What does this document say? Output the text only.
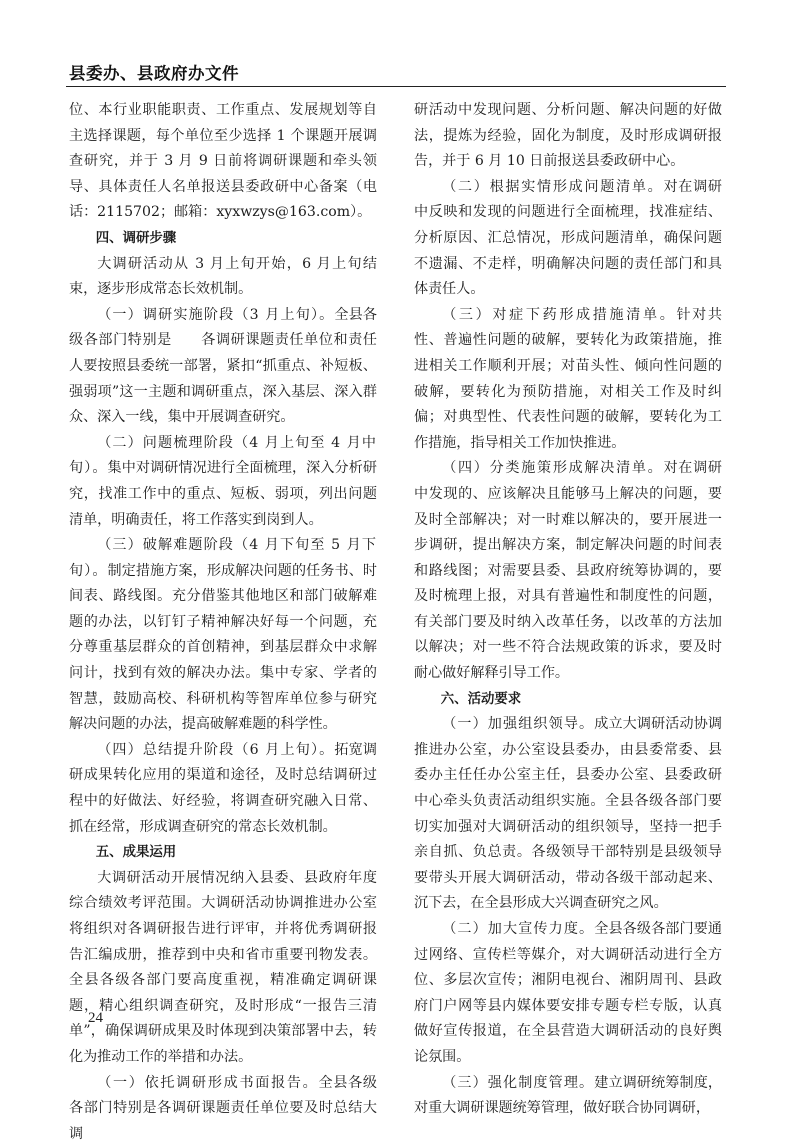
县委办、县政府办文件

位、本行业职能职责、工作重点、发展规划等自主选择课题，每个单位至少选择 1 个课题开展调查研究，并于 3 月 9 日前将调研课题和牵头领导、具体责任人名单报送县委政研中心备案（电话：2115702；邮箱：xyxwzys@163.com）。

四、调研步骤

大调研活动从 3 月上旬开始，6 月上旬结束，逐步形成常态长效机制。

（一）调研实施阶段（3 月上旬）。全县各级各部门特别是　　各调研课题责任单位和责任人要按照县委统一部署，紧扣“抓重点、补短板、强弱项”这一主题和调研重点，深入基层、深入群众、深入一线，集中开展调查研究。

（二）问题梳理阶段（4 月上旬至 4 月中旬）。集中对调研情况进行全面梳理，深入分析研究，找准工作中的重点、短板、弱项，列出问题清单，明确责任，将工作落实到岗到人。

（三）破解难题阶段（4 月下旬至 5 月下旬）。制定措施方案，形成解决问题的任务书、时间表、路线图。充分借鉴其他地区和部门破解难题的办法，以钉钉子精神解决好每一个问题，充分尊重基层群众的首创精神，到基层群众中求解问计，找到有效的解决办法。集中专家、学者的智慧，鼓励高校、科研机构等智库单位参与研究解决问题的办法，提高破解难题的科学性。

（四）总结提升阶段（6 月上旬）。拓宽调研成果转化应用的渠道和途径，及时总结调研过程中的好做法、好经验，将调查研究融入日常、抓在经常，形成调查研究的常态长效机制。

五、成果运用

大调研活动开展情况纳入县委、县政府年度综合绩效考评范围。大调研活动协调推进办公室将组织对各调研报告进行评审，并将优秀调研报告汇编成册，推荐到中央和省市重要刊物发表。全县各级各部门要高度重视，精准确定调研课题，精心组织调查研究，及时形成“一报告三清单”，确保调研成果及时体现到决策部署中去，转化为推动工作的举措和办法。

（一）依托调研形成书面报告。全县各级各部门特别是各调研课题责任单位要及时总结大调

研活动中发现问题、分析问题、解决问题的好做法，提炼为经验，固化为制度，及时形成调研报告，并于 6 月 10 日前报送县委政研中心。

（二）根据实情形成问题清单。对在调研中反映和发现的问题进行全面梳理，找准症结、分析原因、汇总情况，形成问题清单，确保问题不遗漏、不走样，明确解决问题的责任部门和具体责任人。

（三）对症下药形成措施清单。针对共性、普遍性问题的破解，要转化为政策措施，推进相关工作顺利开展；对苗头性、倾向性问题的破解，要转化为预防措施，对相关工作及时纠偏；对典型性、代表性问题的破解，要转化为工作措施，指导相关工作加快推进。

（四）分类施策形成解决清单。对在调研中发现的、应该解决且能够马上解决的问题，要及时全部解决；对一时难以解决的，要开展进一步调研，提出解决方案，制定解决问题的时间表和路线图；对需要县委、县政府统筹协调的，要及时梳理上报，对具有普遍性和制度性的问题，有关部门要及时纳入改革任务，以改革的方法加以解决；对一些不符合法规政策的诉求，要及时耐心做好解释引导工作。

六、活动要求

（一）加强组织领导。成立大调研活动协调推进办公室，办公室设县委办，由县委常委、县委办主任任办公室主任，县委办公室、县委政研中心牵头负责活动组织实施。全县各级各部门要切实加强对大调研活动的组织领导，坚持一把手亲自抓、负总责。各级领导干部特别是县级领导要带头开展大调研活动，带动各级干部动起来、沉下去，在全县形成大兴调查研究之风。

（二）加大宣传力度。全县各级各部门要通过网络、宣传栏等媒介，对大调研活动进行全方位、多层次宣传；湘阴电视台、湘阴周刊、县政府门户网等县内媒体要安排专题专栏专版，认真做好宣传报道，在全县营造大调研活动的良好舆论氛围。

（三）强化制度管理。建立调研统筹制度，对重大调研课题统筹管理，做好联合协同调研，

24
